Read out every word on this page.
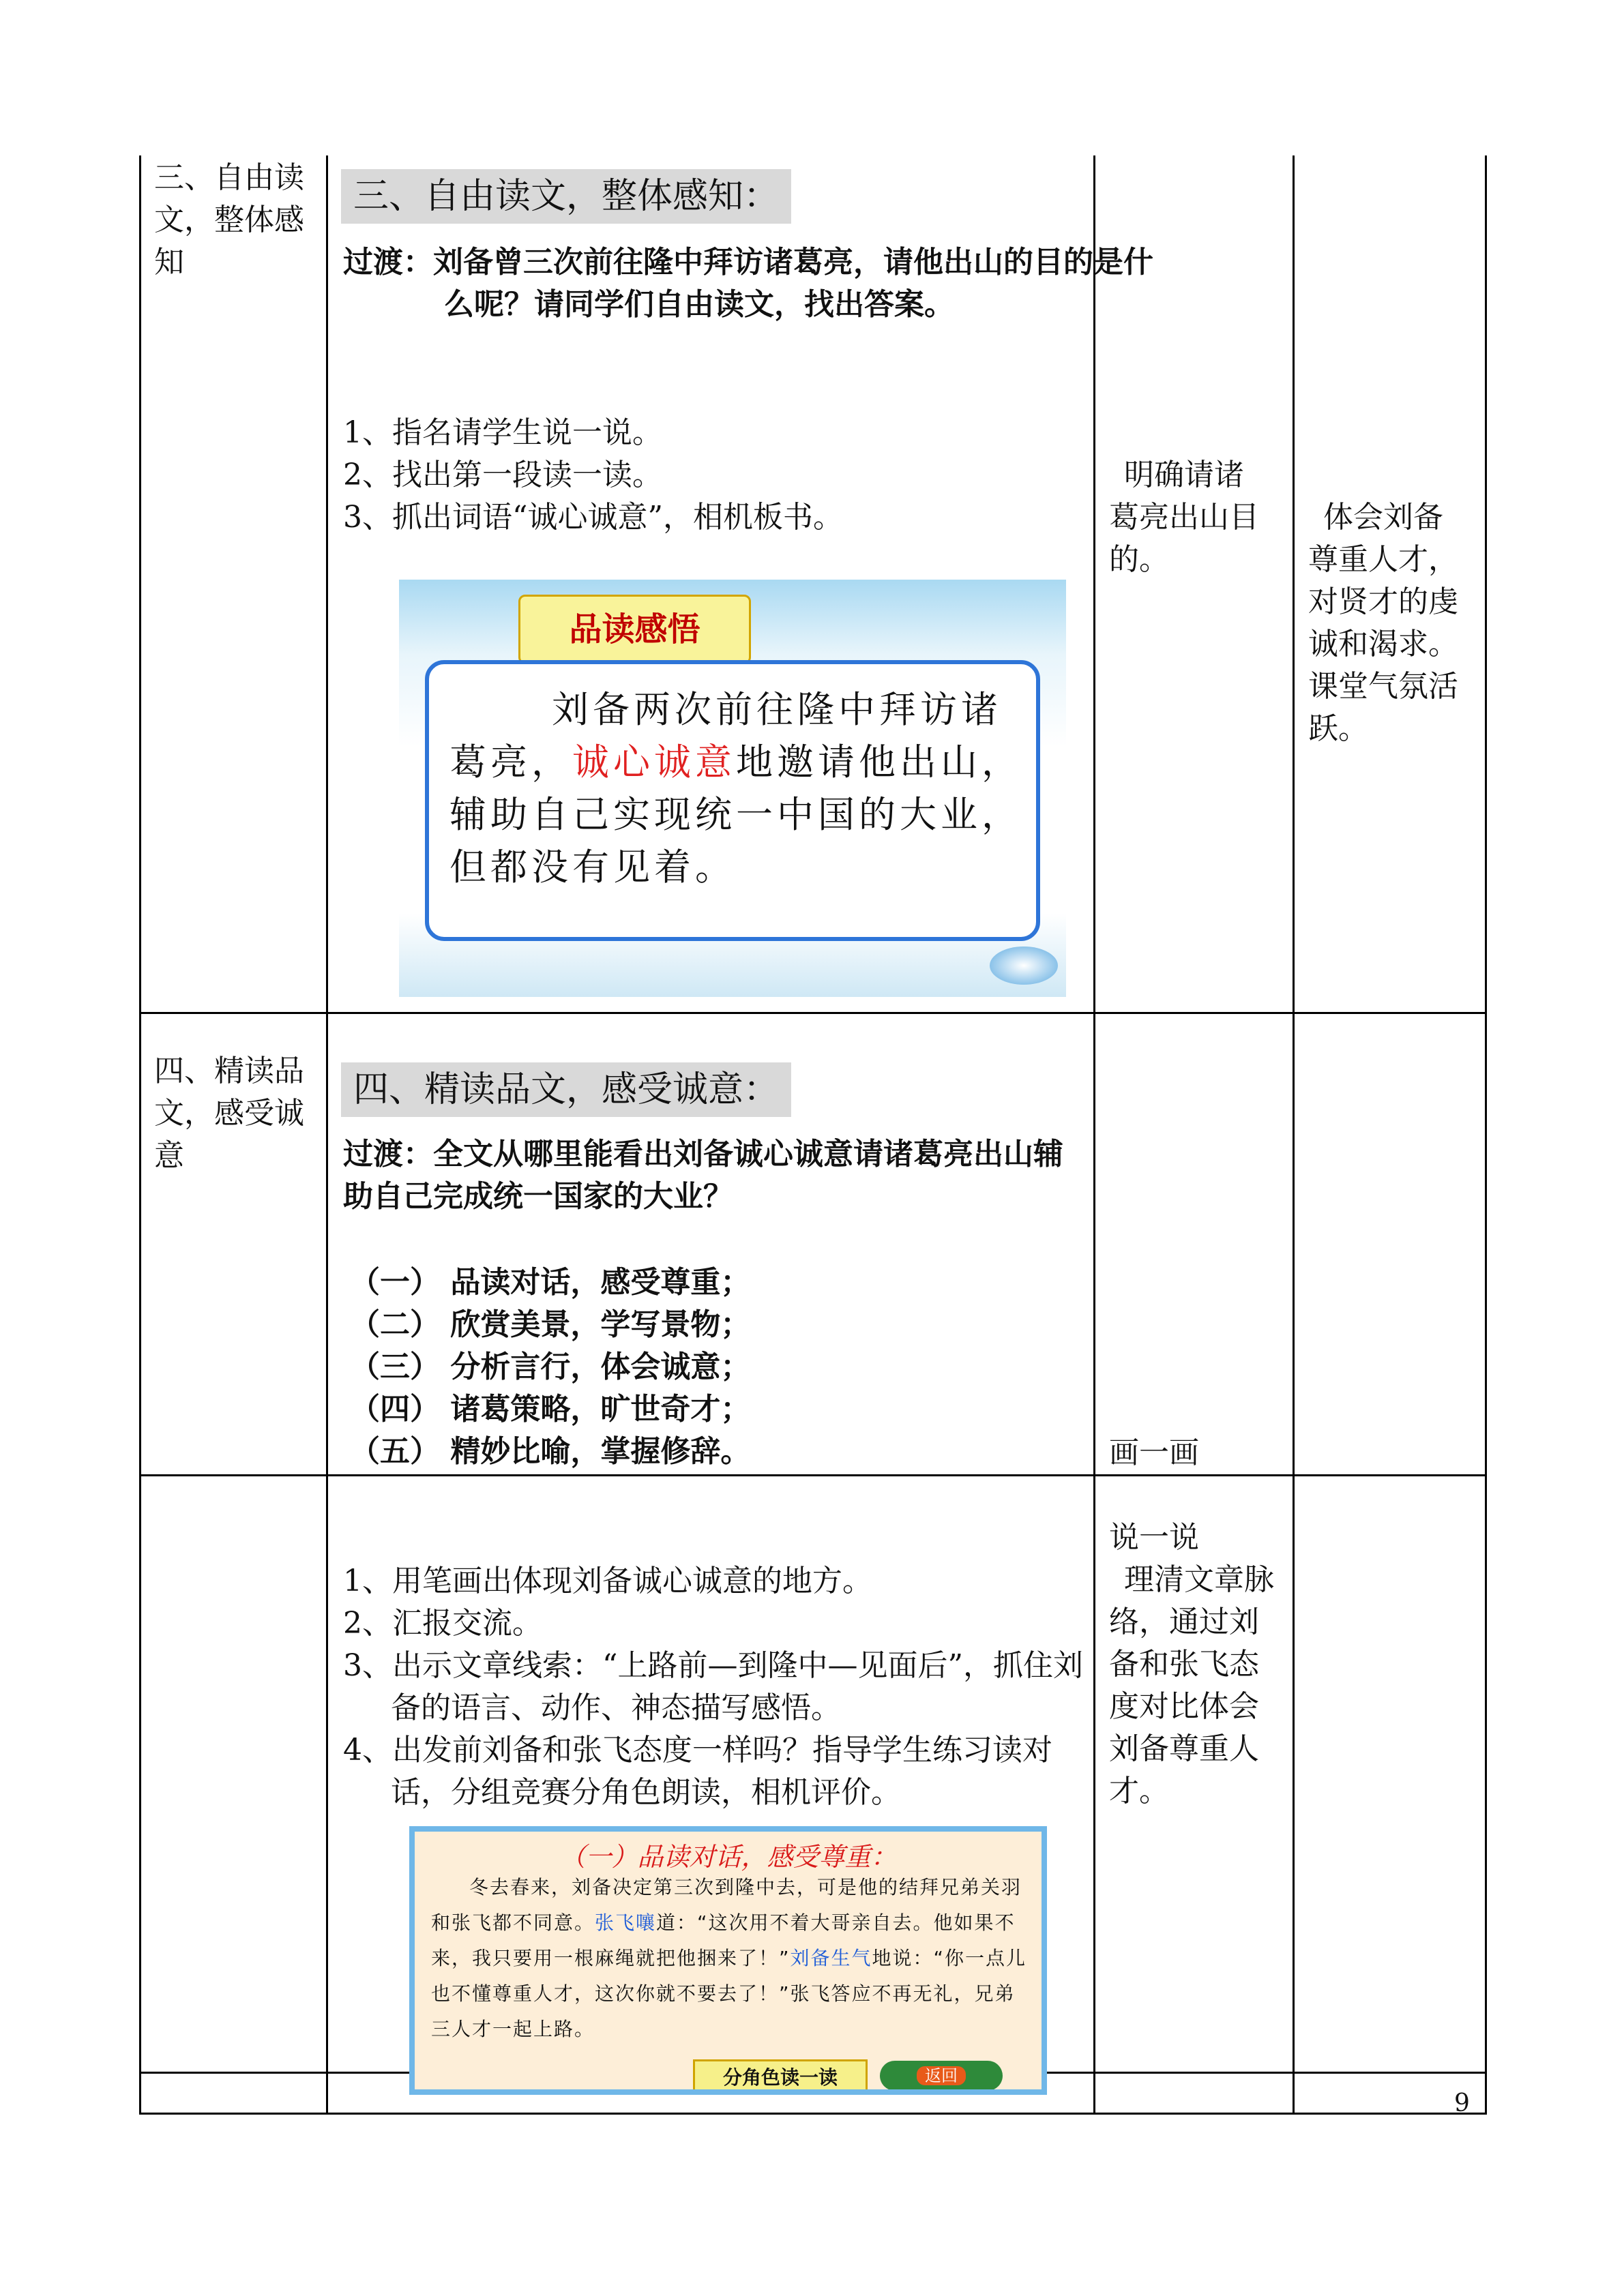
三、自由读文，整体感知

三、自由读文，整体感知：

过渡：刘备曾三次前往隆中拜访诸葛亮，请他出山的目的是什么呢？请同学们自由读文，找出答案。

1、指名请学生说一说。
2、找出第一段读一读。
3、抓出词语“诚心诚意”，相机板书。
品读感悟
刘备两次前往隆中拜访诸葛亮，诚心诚意地邀请他出山，辅助自己实现统一中国的大业，但都没有见着。

明确请诸葛亮出山目的。

体会刘备尊重人才，对贤才的虔诚和渴求。课堂气氛活跃。

四、精读品文，感受诚意

四、精读品文，感受诚意：

过渡：全文从哪里能看出刘备诚心诚意请诸葛亮出山辅助自己完成统一国家的大业？

（一） 品读对话，感受尊重；
（二） 欣赏美景，学写景物；
（三） 分析言行，体会诚意；
（四） 诸葛策略，旷世奇才；
（五） 精妙比喻，掌握修辞。	画一画

1、用笔画出体现刘备诚心诚意的地方。
2、汇报交流。
3、出示文章线索：“上路前—到隆中—见面后”，抓住刘备的语言、动作、神态描写感悟。
4、出发前刘备和张飞态度一样吗？指导学生练习读对话，分组竞赛分角色朗读，相机评价。

说一说

理清文章脉络，通过刘备和张飞态度对比体会刘备尊重人才。

（一）品读对话，感受尊重：
冬去春来，刘备决定第三次到隆中去，可是他的结拜兄弟关羽和张飞都不同意。张飞嚷道：“这次用不着大哥亲自去。他如果不来，我只要用一根麻绳就把他捆来了！”刘备生气地说：“你一点儿也不懂尊重人才，这次你就不要去了！”张飞答应不再无礼，兄弟三人才一起上路。
分角色读一读	返回
9
